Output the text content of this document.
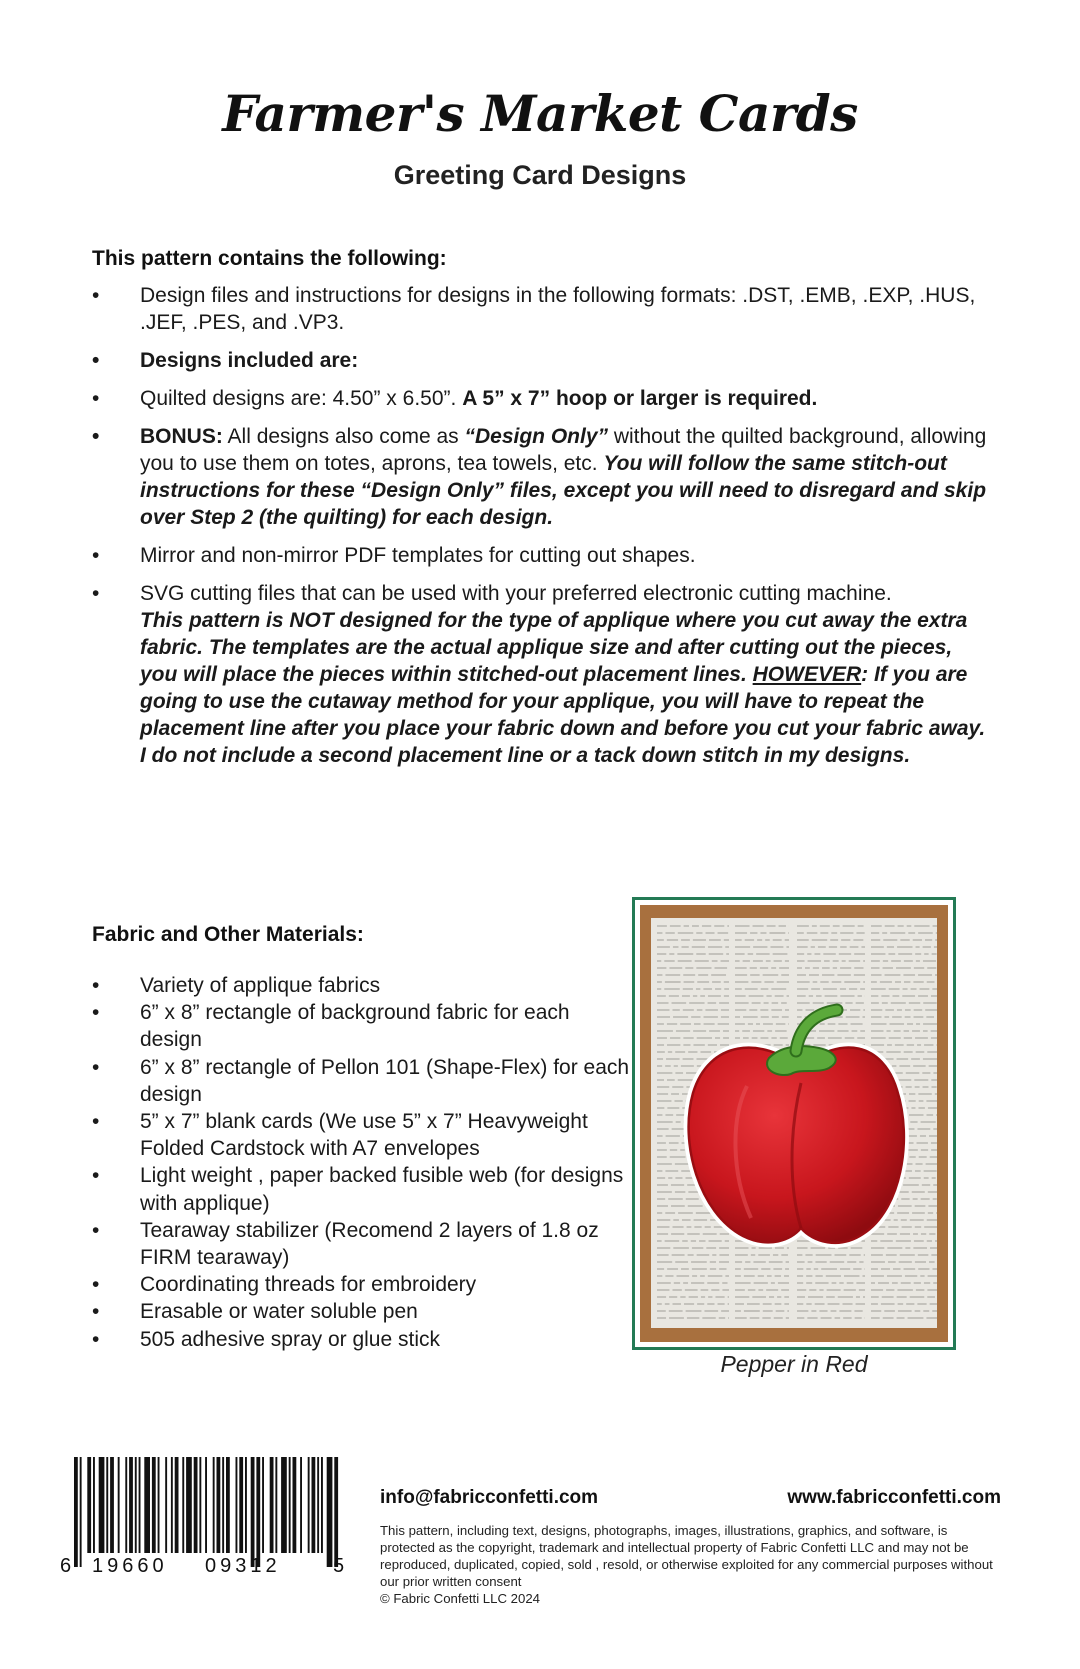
Farmer's Market Cards
Greeting Card Designs
This pattern contains the following:
•	Design files and instructions for designs in the following formats: .DST, .EMB, .EXP, .HUS, .JEF, .PES, and .VP3.
•	Designs included are:
•	Quilted designs are: 4.50” x 6.50”. A 5” x 7” hoop or larger is required.
•	BONUS: All designs also come as “Design Only” without the quilted background, allowing you to use them on totes, aprons, tea towels, etc. You will follow the same stitch-out instructions for these “Design Only” files, except you will need to disregard and skip over Step 2 (the quilting) for each design.
•	Mirror and non-mirror PDF templates for cutting out shapes.
•	SVG cutting files that can be used with your preferred electronic cutting machine.
This pattern is NOT designed for the type of applique where you cut away the extra fabric. The templates are the actual applique size and after cutting out the pieces, you will place the pieces within stitched-out placement lines. HOWEVER: If you are going to use the cutaway method for your applique, you will have to repeat the placement line after you place your fabric down and before you cut your fabric away. I do not include a second placement line or a tack down stitch in my designs.
Fabric and Other Materials:
•	Variety of applique fabrics
•	6” x 8” rectangle of background fabric for each design
•	6” x 8” rectangle of Pellon 101 (Shape-Flex) for each design
•	5” x 7” blank cards (We use 5” x 7” Heavyweight Folded Cardstock with A7 envelopes
•	Light weight , paper backed fusible web (for designs with applique)
•	Tearaway stabilizer (Recomend 2 layers of 1.8 oz FIRM tearaway)
•	Coordinating threads for embroidery
•	Erasable or water soluble pen
•	505 adhesive spray or glue stick
Pepper in Red
6 19660 09312	5
info@fabricconfetti.com	www.fabricconfetti.com
This pattern, including text, designs, photographs, images, illustrations, graphics, and software, is protected as the copyright, trademark and intellectual property of Fabric Confetti LLC and may not be reproduced, duplicated, copied, sold , resold, or otherwise exploited for any commercial purposes without our prior written consent
© Fabric Confetti LLC 2024
